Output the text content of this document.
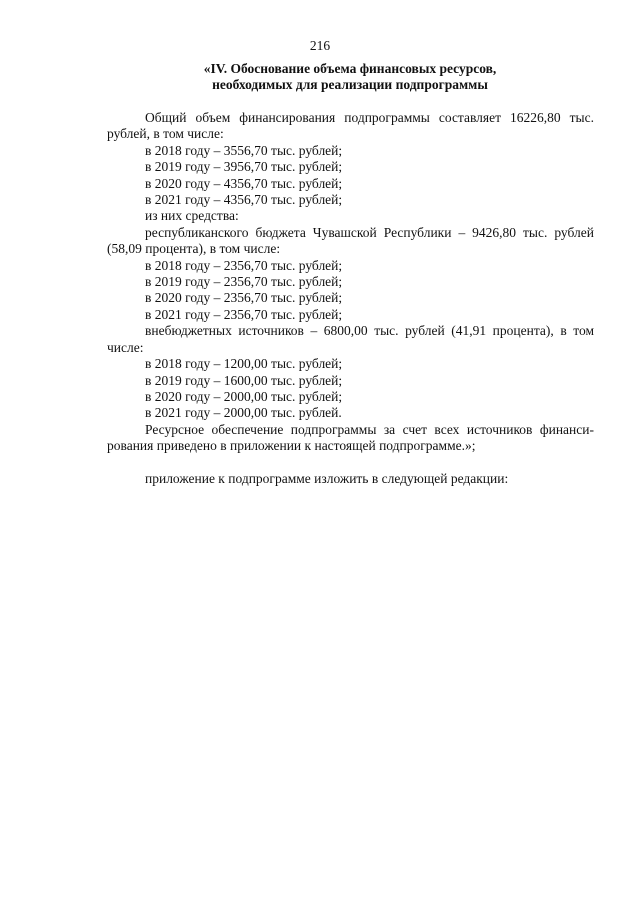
216
«IV. Обоснование объема финансовых ресурсов,
необходимых для реализации подпрограммы

Общий объем финансирования подпрограммы составляет 16226,80 тыс. рублей, в том числе:

в 2018 году – 3556,70 тыс. рублей;

в 2019 году – 3956,70 тыс. рублей;

в 2020 году – 4356,70 тыс. рублей;

в 2021 году – 4356,70 тыс. рублей;

из них средства:

республиканского бюджета Чувашской Республики – 9426,80 тыс. рублей (58,09 процента), в том числе:

в 2018 году – 2356,70 тыс. рублей;

в 2019 году – 2356,70 тыс. рублей;

в 2020 году – 2356,70 тыс. рублей;

в 2021 году – 2356,70 тыс. рублей;

внебюджетных источников – 6800,00 тыс. рублей (41,91 процента), в том числе:

в 2018 году – 1200,00 тыс. рублей;

в 2019 году – 1600,00 тыс. рублей;

в 2020 году – 2000,00 тыс. рублей;

в 2021 году – 2000,00 тыс. рублей.

Ресурсное обеспечение подпрограммы за счет всех источников финансирования приведено в приложении к настоящей подпрограмме.»;

приложение к подпрограмме изложить в следующей редакции:
